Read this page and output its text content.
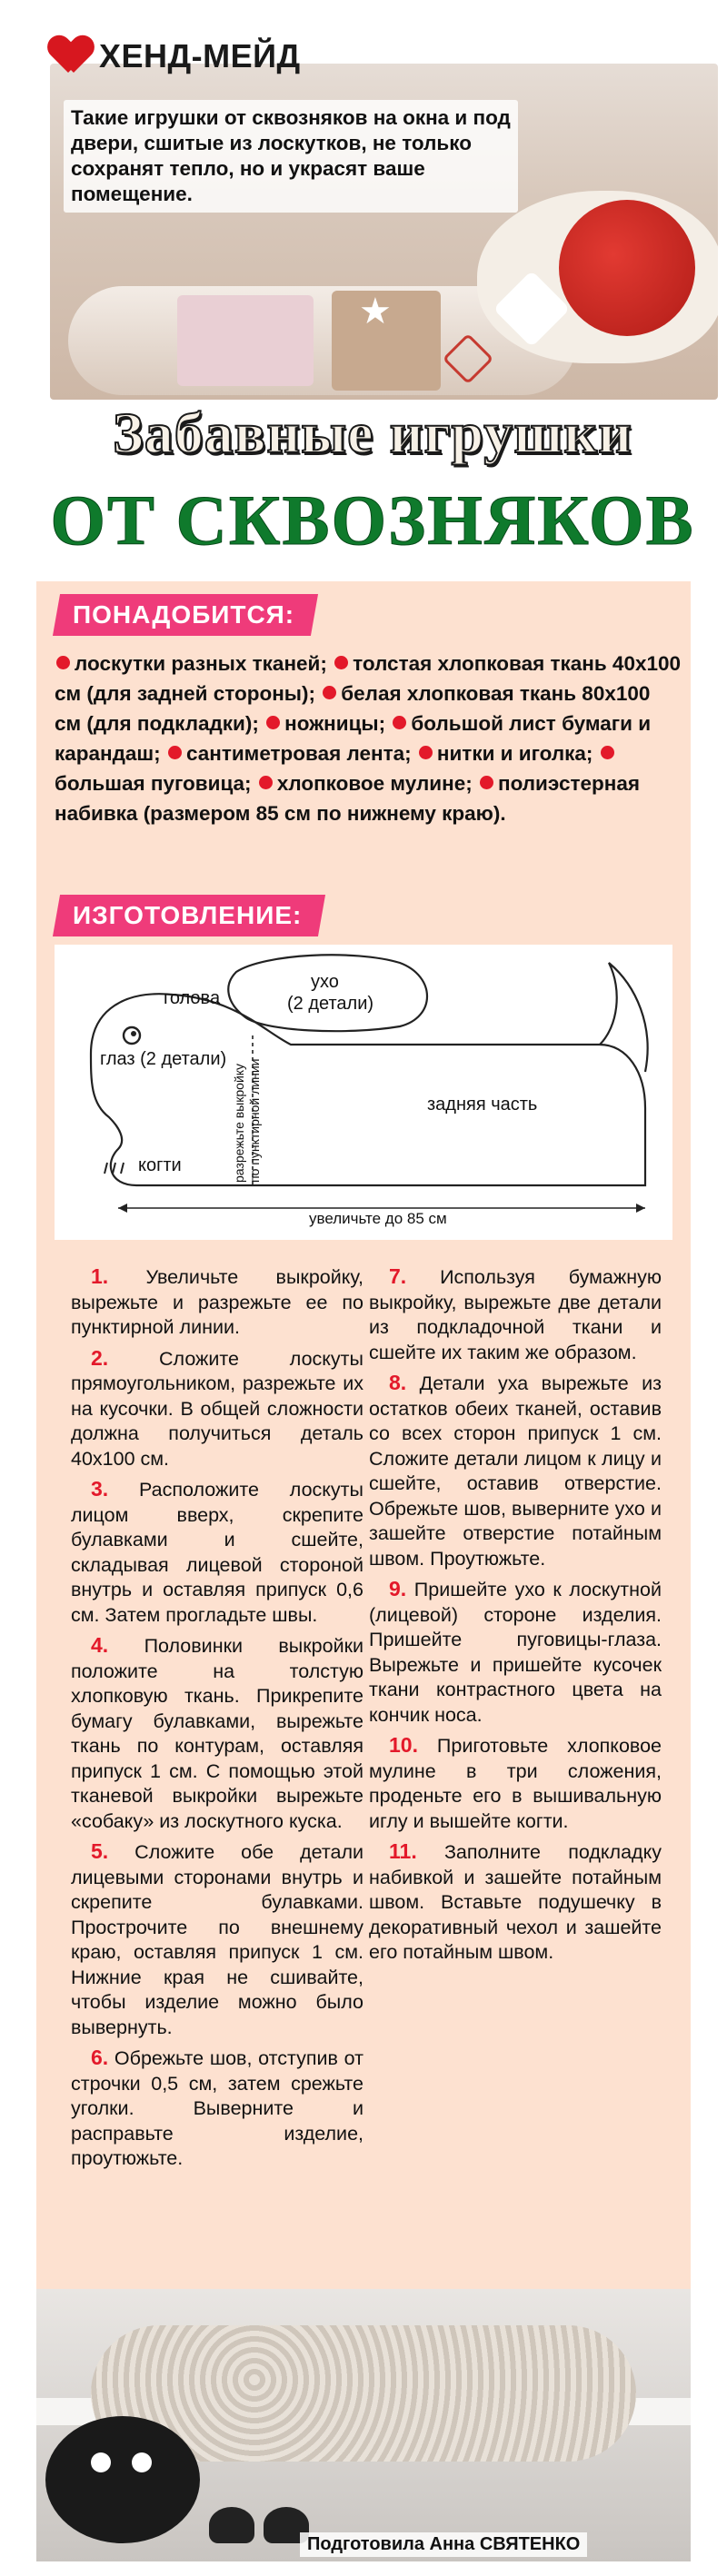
★
ХЕНД-МЕЙД
Такие игрушки от сквозняков на окна и под двери, сшитые из лоскутков, не только сохранят тепло, но и украсят ваше помещение.
Забавные игрушки
ОТ СКВОЗНЯКОВ
ПОНАДОБИТСЯ:
лоскутки разных тканей; толстая хлопковая ткань 40x100 см (для задней стороны); белая хлопковая ткань 80x100 см (для подкладки); ножницы; большой лист бумаги и карандаш; сантиметровая лента; нитки и иголка; большая пуговица; хлопковое мулине; полиэстерная набивка (размером 85 см по нижнему краю).
ИЗГОТОВЛЕНИЕ:
голова
ухо
(2 детали)
глаз (2 детали)
разрежьте выкройку по пунктирной линии	задняя часть
когти
увеличьте до 85 см

1. Увеличьте выкройку, вырежьте и разрежьте ее по пунктирной линии.

2.	Сложите лоскуты прямоугольником, разрежьте их на кусочки. В общей сложности должна получиться деталь 40x100 см.

3. Расположите лоскуты лицом вверх, скрепите булавками и сшейте, складывая лицевой стороной внутрь и оставляя припуск 0,6 см. Затем прогладьте швы.

4. Половинки выкройки положите на толстую хлопковую ткань. Прикрепите бумагу булавками, вырежьте ткань по контурам, оставляя припуск 1 см. С помощью этой тканевой выкройки вырежьте «собаку» из лоскутного куска.

5. Сложите обе детали лицевыми сторонами внутрь и скрепите булавками. Прострочите по внешнему краю, оставляя припуск 1 см. Нижние края не сшивайте, чтобы изделие можно было вывернуть.

6. Обрежьте шов, отступив от строчки 0,5 см, затем срежьте уголки. Выверните и расправьте изделие, проутюжьте.

7. Используя бумажную выкройку, вырежьте две детали из подкладочной ткани и сшейте их таким же образом.

8. Детали уха вырежьте из остатков обеих тканей, оставив со всех сторон припуск 1 см. Сложите детали лицом к лицу и сшейте, оставив отверстие. Обрежьте шов, выверните ухо и зашейте отверстие потайным швом. Проутюжьте.

9. Пришейте ухо к лоскутной (лицевой) стороне изделия. Пришейте пуговицы-глаза. Вырежьте и пришейте кусочек ткани контрастного цвета на кончик носа.

10. Приготовьте хлопковое мулине в три сложения, проденьте его в вышивальную иглу и вышейте когти.

11. Заполните подкладку набивкой и зашейте потайным швом. Вставьте подушечку в декоративный чехол и зашейте его потайным швом.

Подготовила Анна СВЯТЕНКО
